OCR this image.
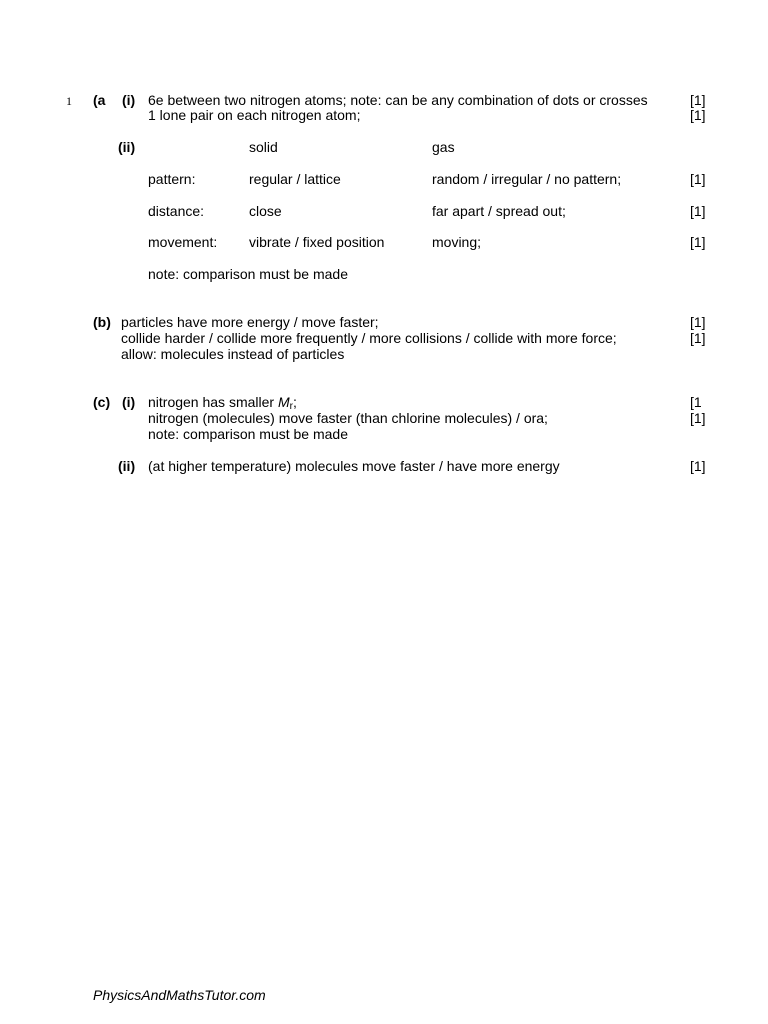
1 (a (i) 6e between two nitrogen atoms; note: can be any combination of dots or crosses	[1]
1 lone pair on each nitrogen atom;	[1]
(ii)	solid	gas
pattern:	regular / lattice	random / irregular / no pattern;	[1]
distance:	close	far apart / spread out;	[1]
movement: vibrate / fixed position	moving;	[1]
note: comparison must be made
(b) particles have more energy / move faster;	[1]
collide harder / collide more frequently / more collisions / collide with more force;	[1]
allow: molecules instead of particles
(c) (i) nitrogen has smaller $M_r$;	[1
nitrogen (molecules) move faster (than chlorine molecules) / ora;	[1]
note: comparison must be made
(ii) (at higher temperature) molecules move faster / have more energy	[1]
PhysicsAndMathsTutor.com
